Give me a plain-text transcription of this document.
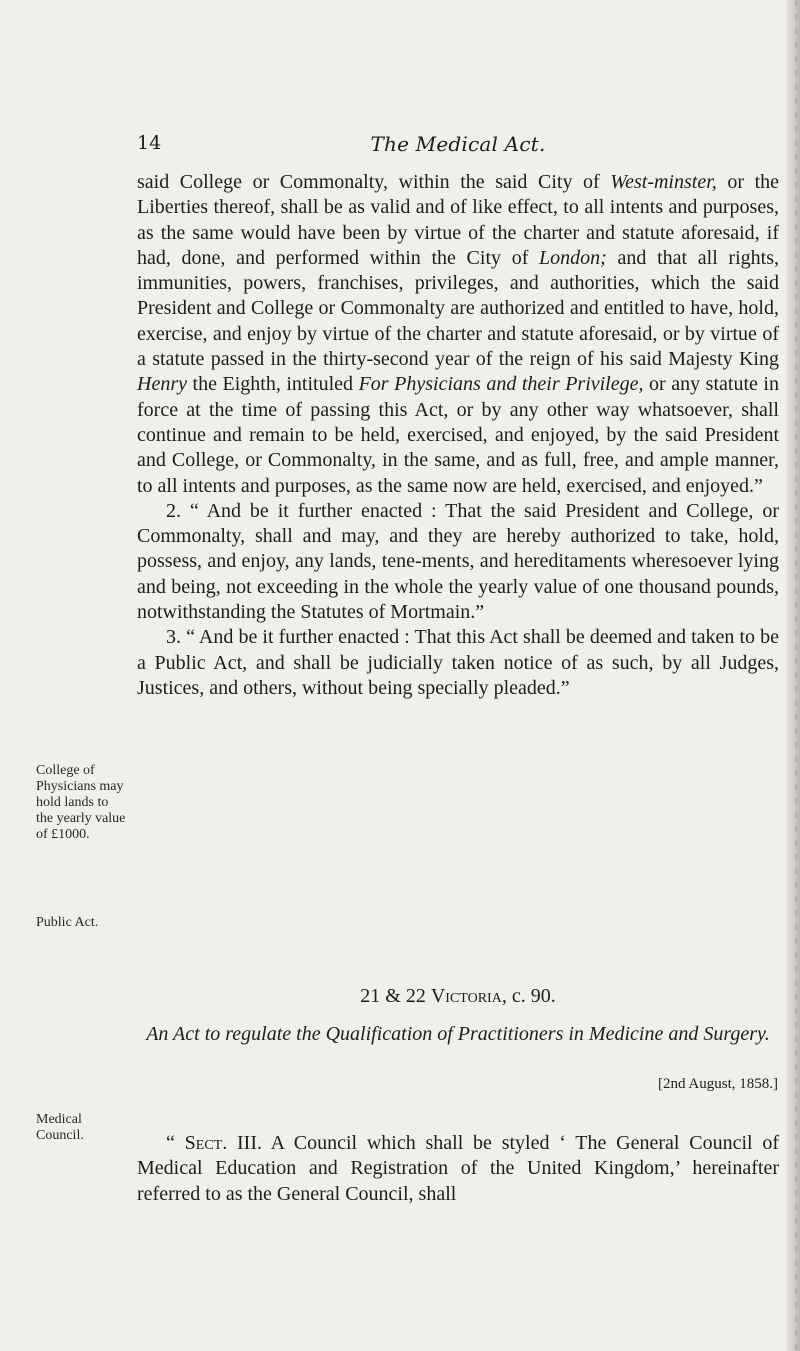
14	The Medical Act.

said College or Commonalty, within the said City of West-minster, or the Liberties thereof, shall be as valid and of like effect, to all intents and purposes, as the same would have been by virtue of the charter and statute aforesaid, if had, done, and performed within the City of London; and that all rights, immunities, powers, franchises, privileges, and authorities, which the said President and College or Commonalty are authorized and entitled to have, hold, exercise, and enjoy by virtue of the charter and statute aforesaid, or by virtue of a statute passed in the thirty-second year of the reign of his said Majesty King Henry the Eighth, intituled For Physicians and their Privilege, or any statute in force at the time of passing this Act, or by any other way whatsoever, shall continue and remain to be held, exercised, and enjoyed, by the said President and College, or Commonalty, in the same, and as full, free, and ample manner, to all intents and purposes, as the same now are held, exercised, and enjoyed.”

2. “ And be it further enacted : That the said President and College, or Commonalty, shall and may, and they are hereby authorized to take, hold, possess, and enjoy, any lands, tene-ments, and hereditaments wheresoever lying and being, not exceeding in the whole the yearly value of one thousand pounds, notwithstanding the Statutes of Mortmain.”

3. “ And be it further enacted : That this Act shall be deemed and taken to be a Public Act, and shall be judicially taken notice of as such, by all Judges, Justices, and others, without being specially pleaded.”

College of Physicians may hold lands to the yearly value of £1000.
Public Act.
21 & 22 Victoria, c. 90.
An Act to regulate the Qualification of Practitioners in Medicine and Surgery.
[2nd August, 1858.]
Medical Council.	“ Sect. III. A Council which shall be styled ‘ The General Council of Medical Education and Registration of the United Kingdom,’ hereinafter referred to as the General Council, shall
